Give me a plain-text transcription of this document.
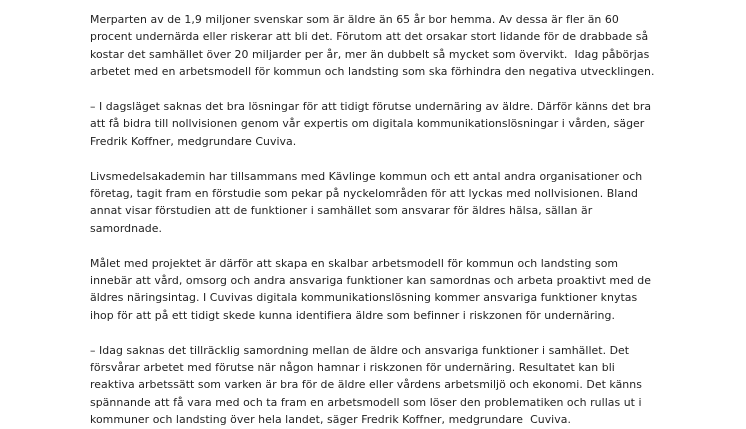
Merparten av de 1,9 miljoner svenskar som är äldre än 65 år bor hemma. Av dessa är fler än 60
procent undernärda eller riskerar att bli det. Förutom att det orsakar stort lidande för de drabbade så
kostar det samhället över 20 miljarder per år, mer än dubbelt så mycket som övervikt.  Idag påbörjas
arbetet med en arbetsmodell för kommun och landsting som ska förhindra den negativa utvecklingen.

– I dagsläget saknas det bra lösningar för att tidigt förutse undernäring av äldre. Därför känns det bra
att få bidra till nollvisionen genom vår expertis om digitala kommunikationslösningar i vården, säger
Fredrik Koffner, medgrundare Cuviva.

Livsmedelsakademin har tillsammans med Kävlinge kommun och ett antal andra organisationer och
företag, tagit fram en förstudie som pekar på nyckelområden för att lyckas med nollvisionen. Bland
annat visar förstudien att de funktioner i samhället som ansvarar för äldres hälsa, sällan är
samordnade.

Målet med projektet är därför att skapa en skalbar arbetsmodell för kommun och landsting som
innebär att vård, omsorg och andra ansvariga funktioner kan samordnas och arbeta proaktivt med de
äldres näringsintag. I Cuvivas digitala kommunikationslösning kommer ansvariga funktioner knytas
ihop för att på ett tidigt skede kunna identifiera äldre som befinner i riskzonen för undernäring.

– Idag saknas det tillräcklig samordning mellan de äldre och ansvariga funktioner i samhället. Det
försvårar arbetet med förutse när någon hamnar i riskzonen för undernäring. Resultatet kan bli
reaktiva arbetssätt som varken är bra för de äldre eller vårdens arbetsmiljö och ekonomi. Det känns
spännande att få vara med och ta fram en arbetsmodell som löser den problematiken och rullas ut i
kommuner och landsting över hela landet, säger Fredrik Koffner, medgrundare  Cuviva.
